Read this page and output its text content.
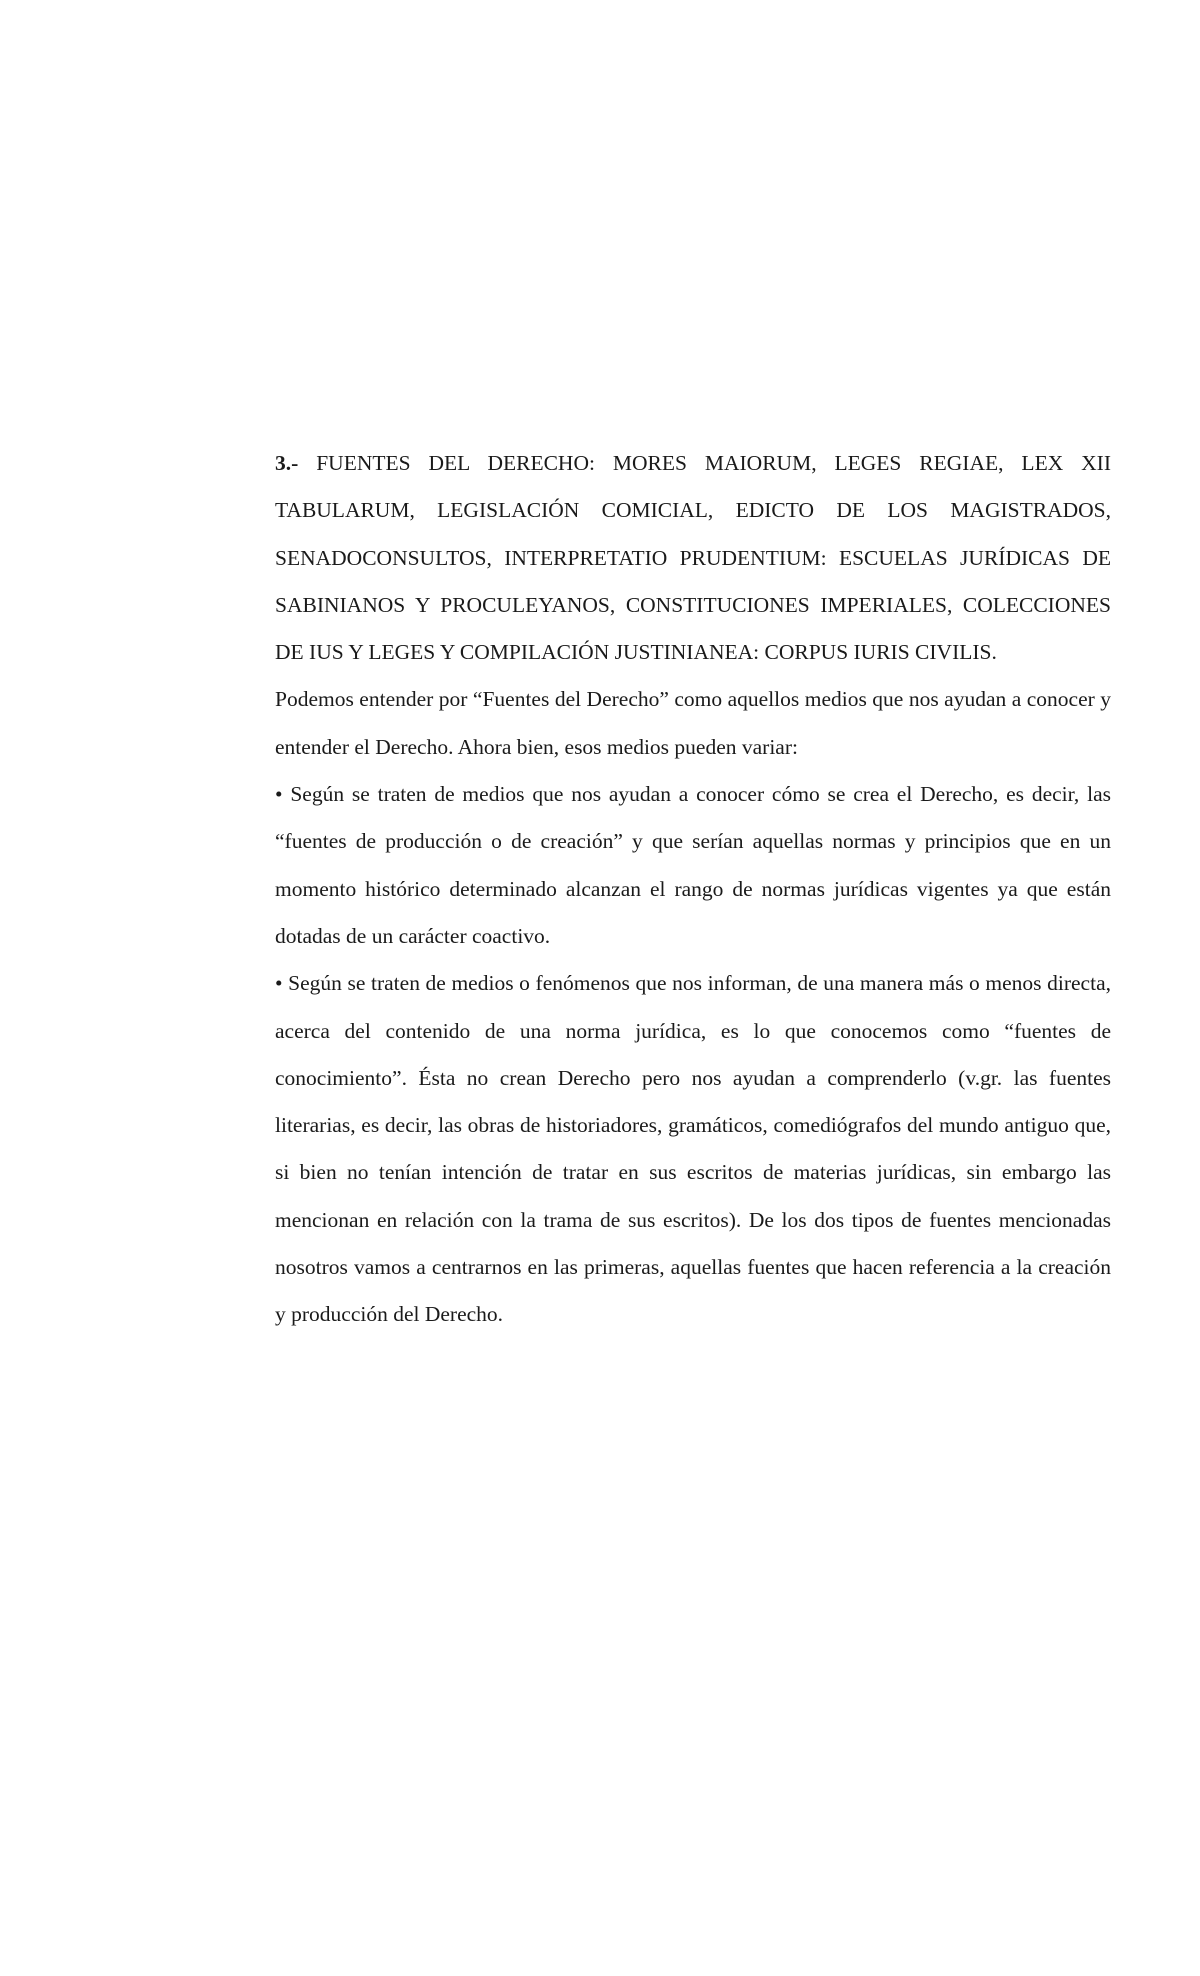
3.- FUENTES DEL DERECHO: MORES MAIORUM, LEGES REGIAE, LEX XII TABULARUM, LEGISLACIÓN COMICIAL, EDICTO DE LOS MAGISTRADOS, SENADOCONSULTOS, INTERPRETATIO PRUDENTIUM: ESCUELAS JURÍDICAS DE SABINIANOS Y PROCULEYANOS, CONSTITUCIONES IMPERIALES, COLECCIONES DE IUS Y LEGES Y COMPILACIÓN JUSTINIANEA: CORPUS IURIS CIVILIS.

Podemos entender por “Fuentes del Derecho” como aquellos medios que nos ayudan a conocer y entender el Derecho. Ahora bien, esos medios pueden variar:

• Según se traten de medios que nos ayudan a conocer cómo se crea el Derecho, es decir, las “fuentes de producción o de creación” y que serían aquellas normas y principios que en un momento histórico determinado alcanzan el rango de normas jurídicas vigentes ya que están dotadas de un carácter coactivo.

• Según se traten de medios o fenómenos que nos informan, de una manera más o menos directa, acerca del contenido de una norma jurídica, es lo que conocemos como “fuentes de conocimiento”. Ésta no crean Derecho pero nos ayudan a comprenderlo (v.gr. las fuentes literarias, es decir, las obras de historiadores, gramáticos, comediógrafos del mundo antiguo que, si bien no tenían intención de tratar en sus escritos de materias jurídicas, sin embargo las mencionan en relación con la trama de sus escritos). De los dos tipos de fuentes mencionadas nosotros vamos a centrarnos en las primeras, aquellas fuentes que hacen referencia a la creación y producción del Derecho.
